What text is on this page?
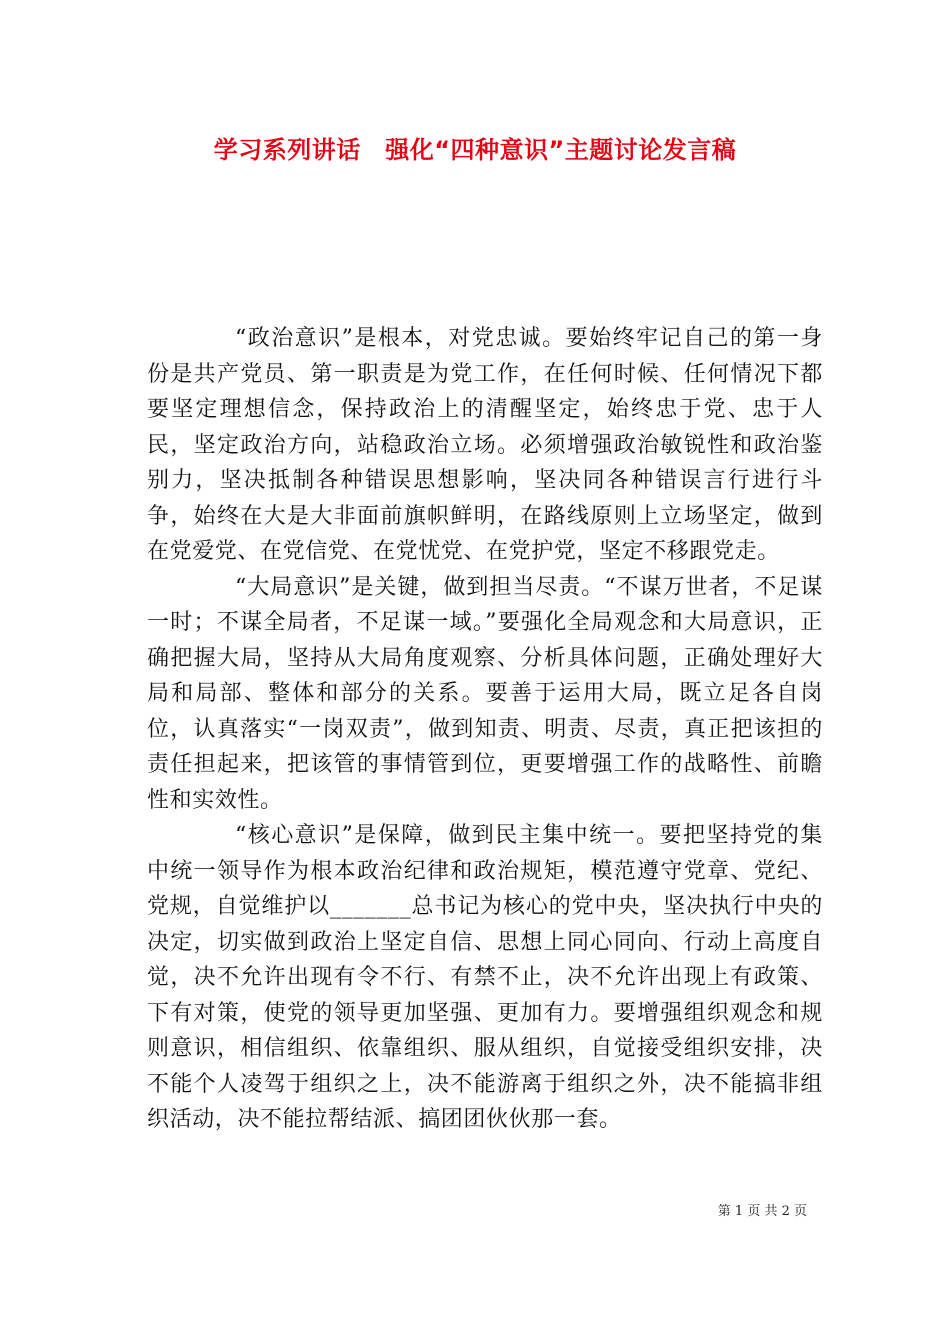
学习系列讲话　强化“四种意识”主题讨论发言稿

“政治意识”是根本，对党忠诚。要始终牢记自己的第一身份是共产党员、第一职责是为党工作，在任何时候、任何情况下都要坚定理想信念，保持政治上的清醒坚定，始终忠于党、忠于人民，坚定政治方向，站稳政治立场。必须增强政治敏锐性和政治鉴别力，坚决抵制各种错误思想影响，坚决同各种错误言行进行斗争，始终在大是大非面前旗帜鲜明，在路线原则上立场坚定，做到在党爱党、在党信党、在党忧党、在党护党，坚定不移跟党走。

“大局意识”是关键，做到担当尽责。“不谋万世者，不足谋一时；不谋全局者，不足谋一域。”要强化全局观念和大局意识，正确把握大局，坚持从大局角度观察、分析具体问题，正确处理好大局和局部、整体和部分的关系。要善于运用大局，既立足各自岗位，认真落实“一岗双责”，做到知责、明责、尽责，真正把该担的责任担起来，把该管的事情管到位，更要增强工作的战略性、前瞻性和实效性。

“核心意识”是保障，做到民主集中统一。要把坚持党的集中统一领导作为根本政治纪律和政治规矩，模范遵守党章、党纪、党规，自觉维护以_______总书记为核心的党中央，坚决执行中央的决定，切实做到政治上坚定自信、思想上同心同向、行动上高度自觉，决不允许出现有令不行、有禁不止，决不允许出现上有政策、下有对策，使党的领导更加坚强、更加有力。要增强组织观念和规则意识，相信组织、依靠组织、服从组织，自觉接受组织安排，决不能个人凌驾于组织之上，决不能游离于组织之外，决不能搞非组织活动，决不能拉帮结派、搞团团伙伙那一套。

第 1 页 共 2 页
